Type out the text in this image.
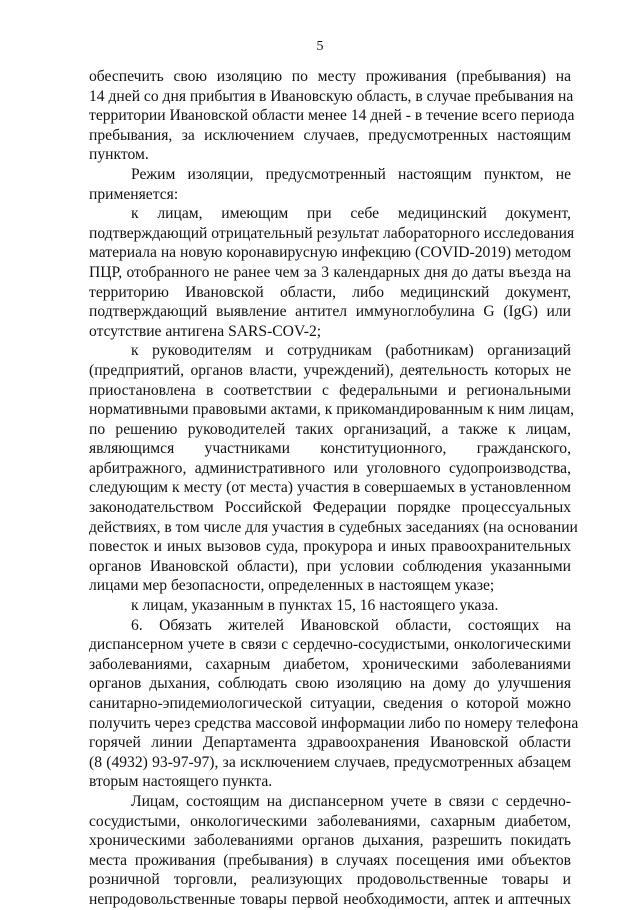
5
обеспечить свою изоляцию по месту проживания (пребывания) на
14 дней со дня прибытия в Ивановскую область, в случае пребывания на
территории Ивановской области менее 14 дней - в течение всего периода
пребывания, за исключением случаев, предусмотренных настоящим
пунктом.
Режим изоляции, предусмотренный настоящим пунктом, не
применяется:
к лицам, имеющим при себе медицинский документ,
подтверждающий отрицательный результат лабораторного исследования
материала на новую коронавирусную инфекцию (COVID-2019) методом
ПЦР, отобранного не ранее чем за 3 календарных дня до даты въезда на
территорию Ивановской области, либо медицинский документ,
подтверждающий выявление антител иммуноглобулина G (IgG) или
отсутствие антигена SARS-COV-2;
к руководителям и сотрудникам (работникам) организаций
(предприятий, органов власти, учреждений), деятельность которых не
приостановлена в соответствии с федеральными и региональными
нормативными правовыми актами, к прикомандированным к ним лицам,
по решению руководителей таких организаций, а также к лицам,
являющимся участниками конституционного, гражданского,
арбитражного, административного или уголовного судопроизводства,
следующим к месту (от места) участия в совершаемых в установленном
законодательством Российской Федерации порядке процессуальных
действиях, в том числе для участия в судебных заседаниях (на основании
повесток и иных вызовов суда, прокурора и иных правоохранительных
органов Ивановской области), при условии соблюдения указанными
лицами мер безопасности, определенных в настоящем указе;
к лицам, указанным в пунктах 15, 16 настоящего указа.
6. Обязать жителей Ивановской области, состоящих на
диспансерном учете в связи с сердечно-сосудистыми, онкологическими
заболеваниями, сахарным диабетом, хроническими заболеваниями
органов дыхания, соблюдать свою изоляцию на дому до улучшения
санитарно-эпидемиологической ситуации, сведения о которой можно
получить через средства массовой информации либо по номеру телефона
горячей линии Департамента здравоохранения Ивановской области
(8 (4932) 93-97-97), за исключением случаев, предусмотренных абзацем
вторым настоящего пункта.
Лицам, состоящим на диспансерном учете в связи с сердечно-
сосудистыми, онкологическими заболеваниями, сахарным диабетом,
хроническими заболеваниями органов дыхания, разрешить покидать
места проживания (пребывания) в случаях посещения ими объектов
розничной торговли, реализующих продовольственные товары и
непродовольственные товары первой необходимости, аптек и аптечных
